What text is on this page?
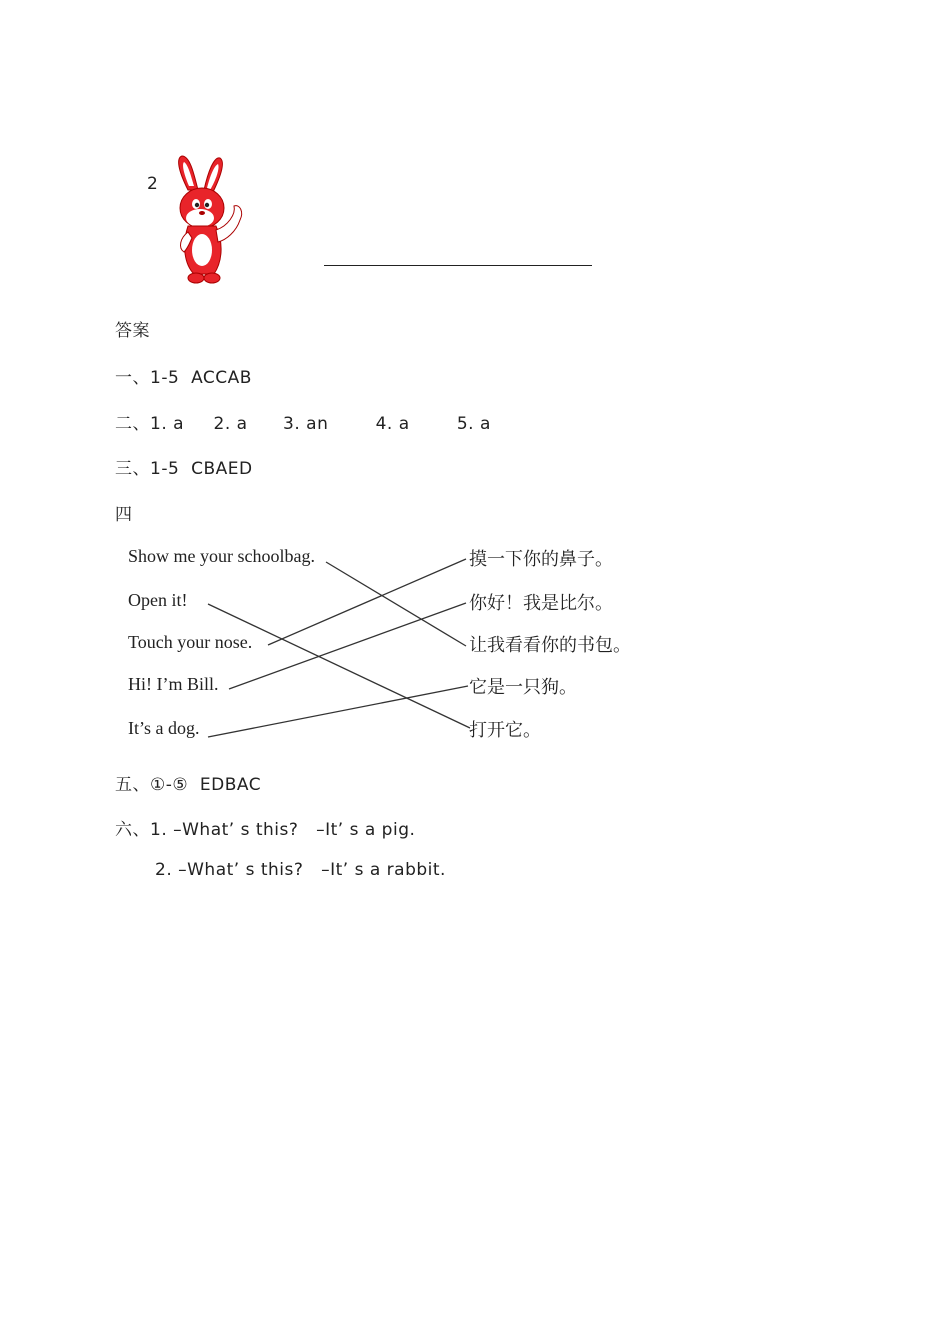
2
答案
一、1-5  ACCAB
二、1. a     2. a      3. an        4. a        5. a
三、1-5  CBAED
四
Show me your schoolbag.
Open it!
Touch your nose.
Hi! I’m Bill.
It’s a dog.
摸一下你的鼻子。
你好！我是比尔。
让我看看你的书包。
它是一只狗。
打开它。
五、①-⑤  EDBAC
六、1. –What’ s this?   –It’ s a pig.
2. –What’ s this?   –It’ s a rabbit.
